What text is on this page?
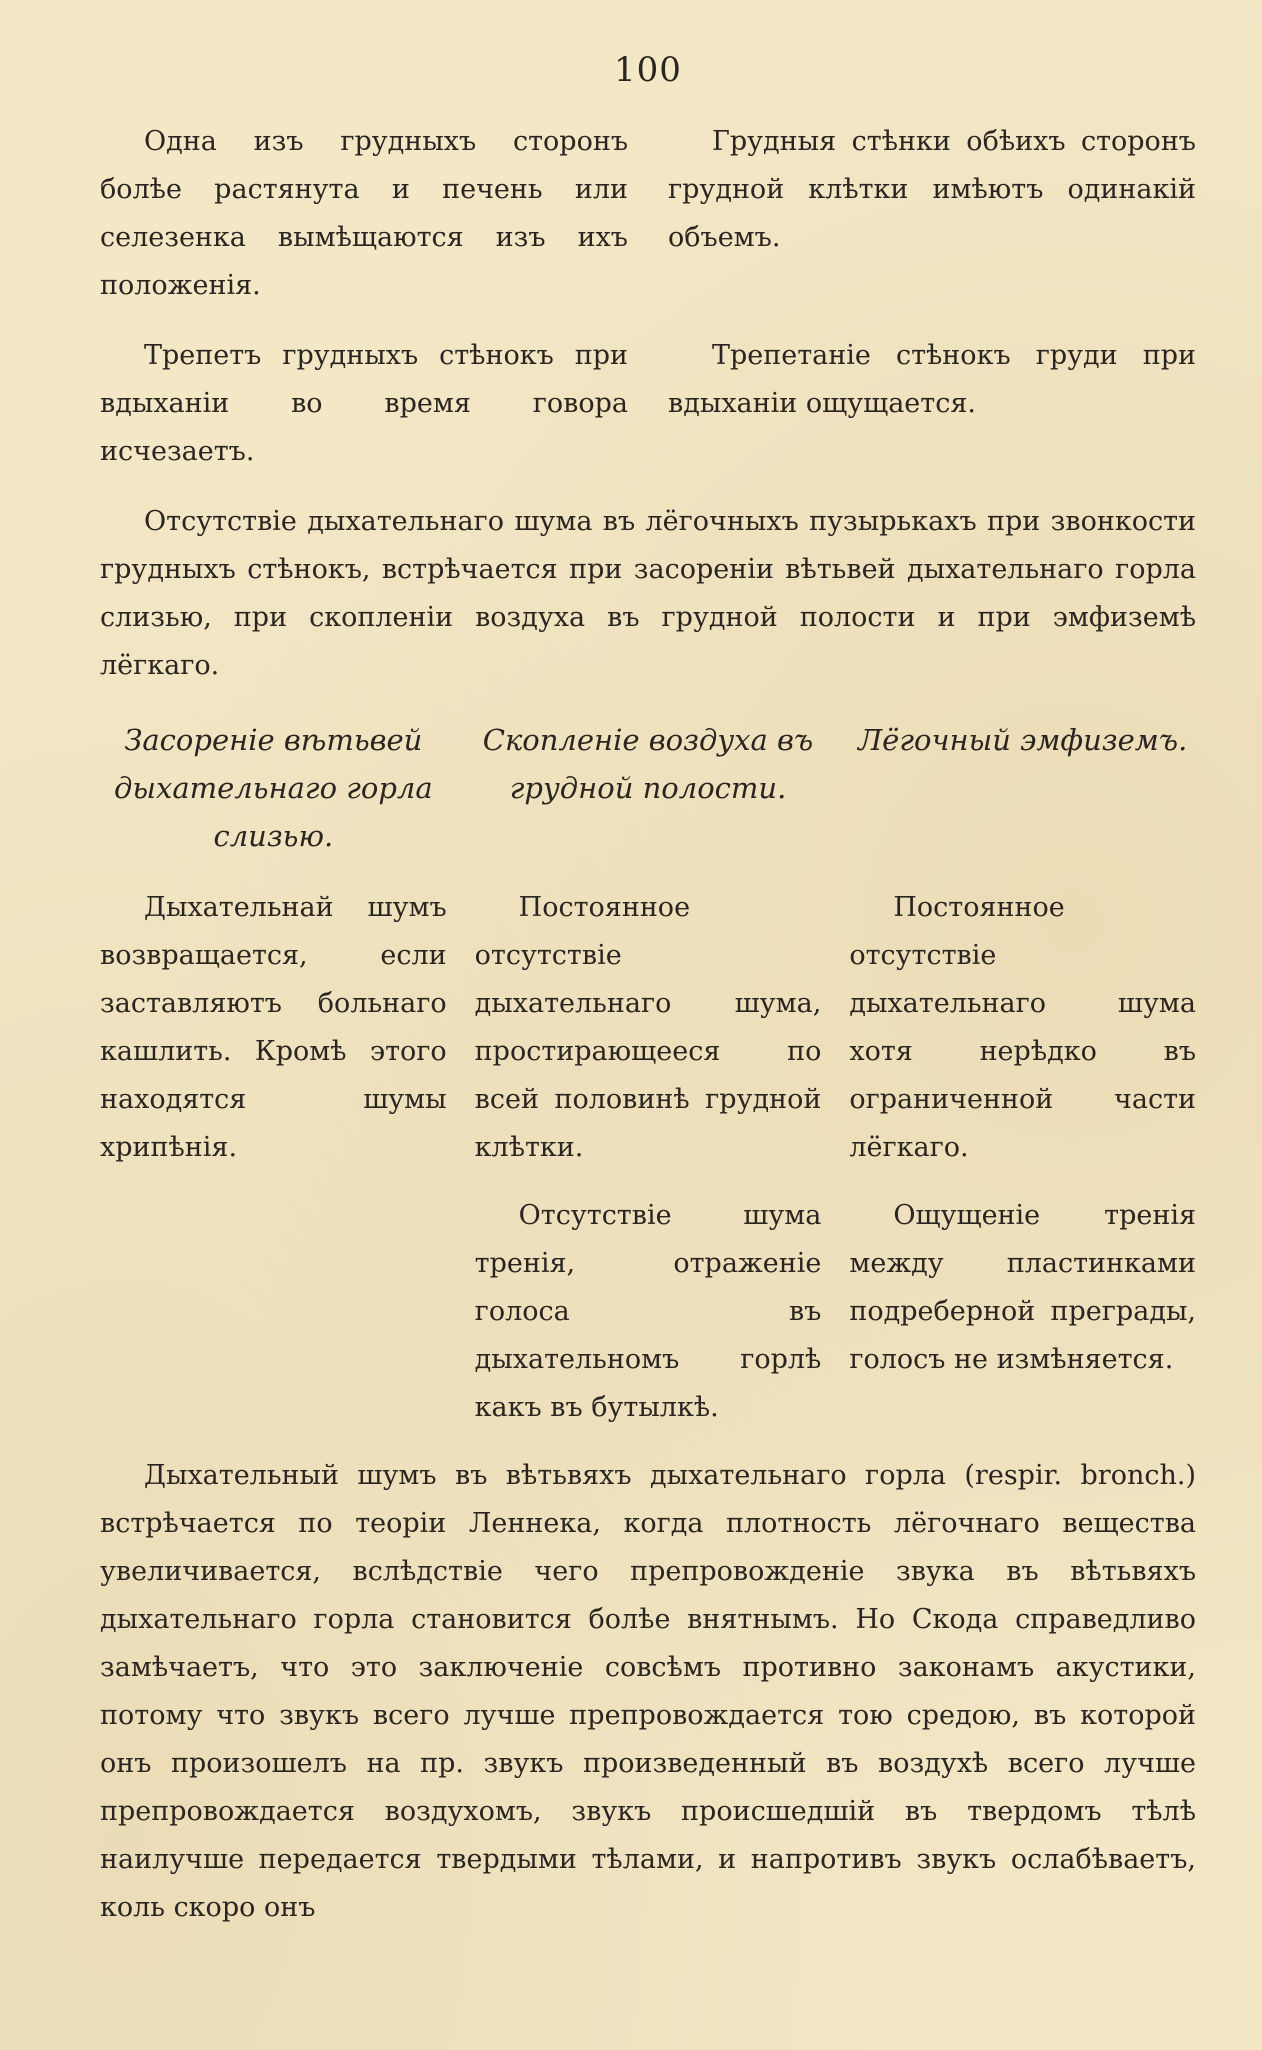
100

Одна изъ грудныхъ сторонъ болѣе растянута и печень или селезенка вымѣщаются изъ ихъ положенія.

Грудныя стѣнки обѣихъ сторонъ грудной клѣтки имѣютъ одинакій объемъ.

Трепетъ грудныхъ стѣнокъ при вдыханіи во время говора исчезаетъ.

Трепетаніе стѣнокъ груди при вдыханіи ощущается.

Отсутствіе дыхательнаго шума въ лёгочныхъ пузырькахъ при звонкости грудныхъ стѣнокъ, встрѣчается при засореніи вѣтьвей дыхательнаго горла слизью, при скопленіи воздуха въ грудной полости и при эмфиземѣ лёгкаго.

Засореніе вѣтьвей дыхательнаго горла слизью.

Скопленіе воздуха въ грудной полости.

Лёгочный эмфиземъ.

Дыхательнай шумъ возвращается, если заставляютъ больнаго кашлить. Кромѣ этого находятся шумы хрипѣнія.

Постоянное отсутствіе дыхательнаго шума, простирающееся по всей половинѣ грудной клѣтки.

Постоянное отсутствіе дыхательнаго шума хотя нерѣдко въ ограниченной части лёгкаго.

Отсутствіе шума тренія, отраженіе голоса въ дыхательномъ горлѣ какъ въ бутылкѣ.

Ощущеніе тренія между пластинками подреберной преграды, голосъ не измѣняется.

Дыхательный шумъ въ вѣтьвяхъ дыхательнаго горла (respir. bronch.) встрѣчается по теоріи Леннека, когда плотность лёгочнаго вещества увеличивается, вслѣдствіе чего препровожденіе звука въ вѣтьвяхъ дыхательнаго горла становится болѣе внятнымъ. Но Скода справедливо замѣчаетъ, что это заключеніе совсѣмъ противно законамъ акустики, потому что звукъ всего лучше препровождается тою средою, въ которой онъ произошелъ на пр. звукъ произведенный въ воздухѣ всего лучше препровождается воздухомъ, звукъ происшедшій въ твердомъ тѣлѣ наилучше передается твердыми тѣлами, и напротивъ звукъ ослабѣваетъ, коль скоро онъ
